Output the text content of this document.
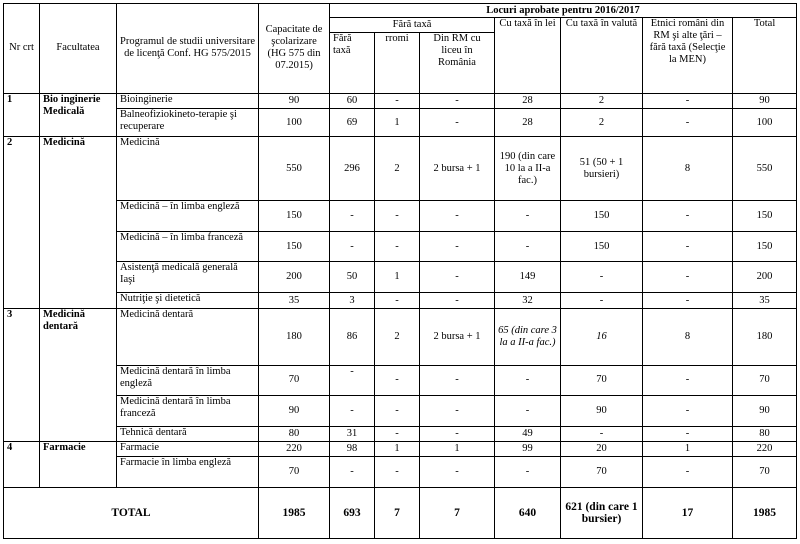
Nr crt	Facultatea	Programul de studii universitare de licenţă Conf. HG 575/2015	Capacitate de şcolarizare (HG 575 din 07.2015)	Locuri aprobate pentru 2016/2017						
				Fără taxă			Cu taxă în lei	Cu taxă în valută	Etnici români din RM şi alte ţări – fără taxă (Selecţie la MEN)	Total
				Fără taxă	rromi	Din RM cu liceu în România				
1	Bio inginerie Medicală	Bioinginerie	90	60	-	-	28	2	-	90
		Balneofiziokineto-terapie şi recuperare	100	69	1	-	28	2	-	100
2	Medicină	Medicină	550	296	2	2 bursa + 1	190 (din care 10 la a II-a fac.)	51 (50 + 1 bursieri)	8	550
		Medicină – în limba engleză	150	-	-	-	-	150	-	150
		Medicină – în limba franceză	150	-	-	-	-	150	-	150
		Asistenţă medicală generală Iaşi	200	50	1	-	149	-	-	200
		Nutriţie şi dietetică	35	3	-	-	32	-	-	35
3	Medicină dentară	Medicină dentară	180	86	2	2 bursa + 1	65 (din care 3 la a II-a fac.)	16	8	180
		Medicină dentară în limba engleză	70	-	-	-	-	70	-	70
		Medicină dentară în limba franceză	90	-	-	-	-	90	-	90
		Tehnică dentară	80	31	-	-	49	-	-	80
4	Farmacie	Farmacie	220	98	1	1	99	20	1	220
		Farmacie în limba engleză	70	-	-	-	-	70	-	70
TOTAL			1985	693	7	7	640	621 (din care 1 bursier)	17	1985
